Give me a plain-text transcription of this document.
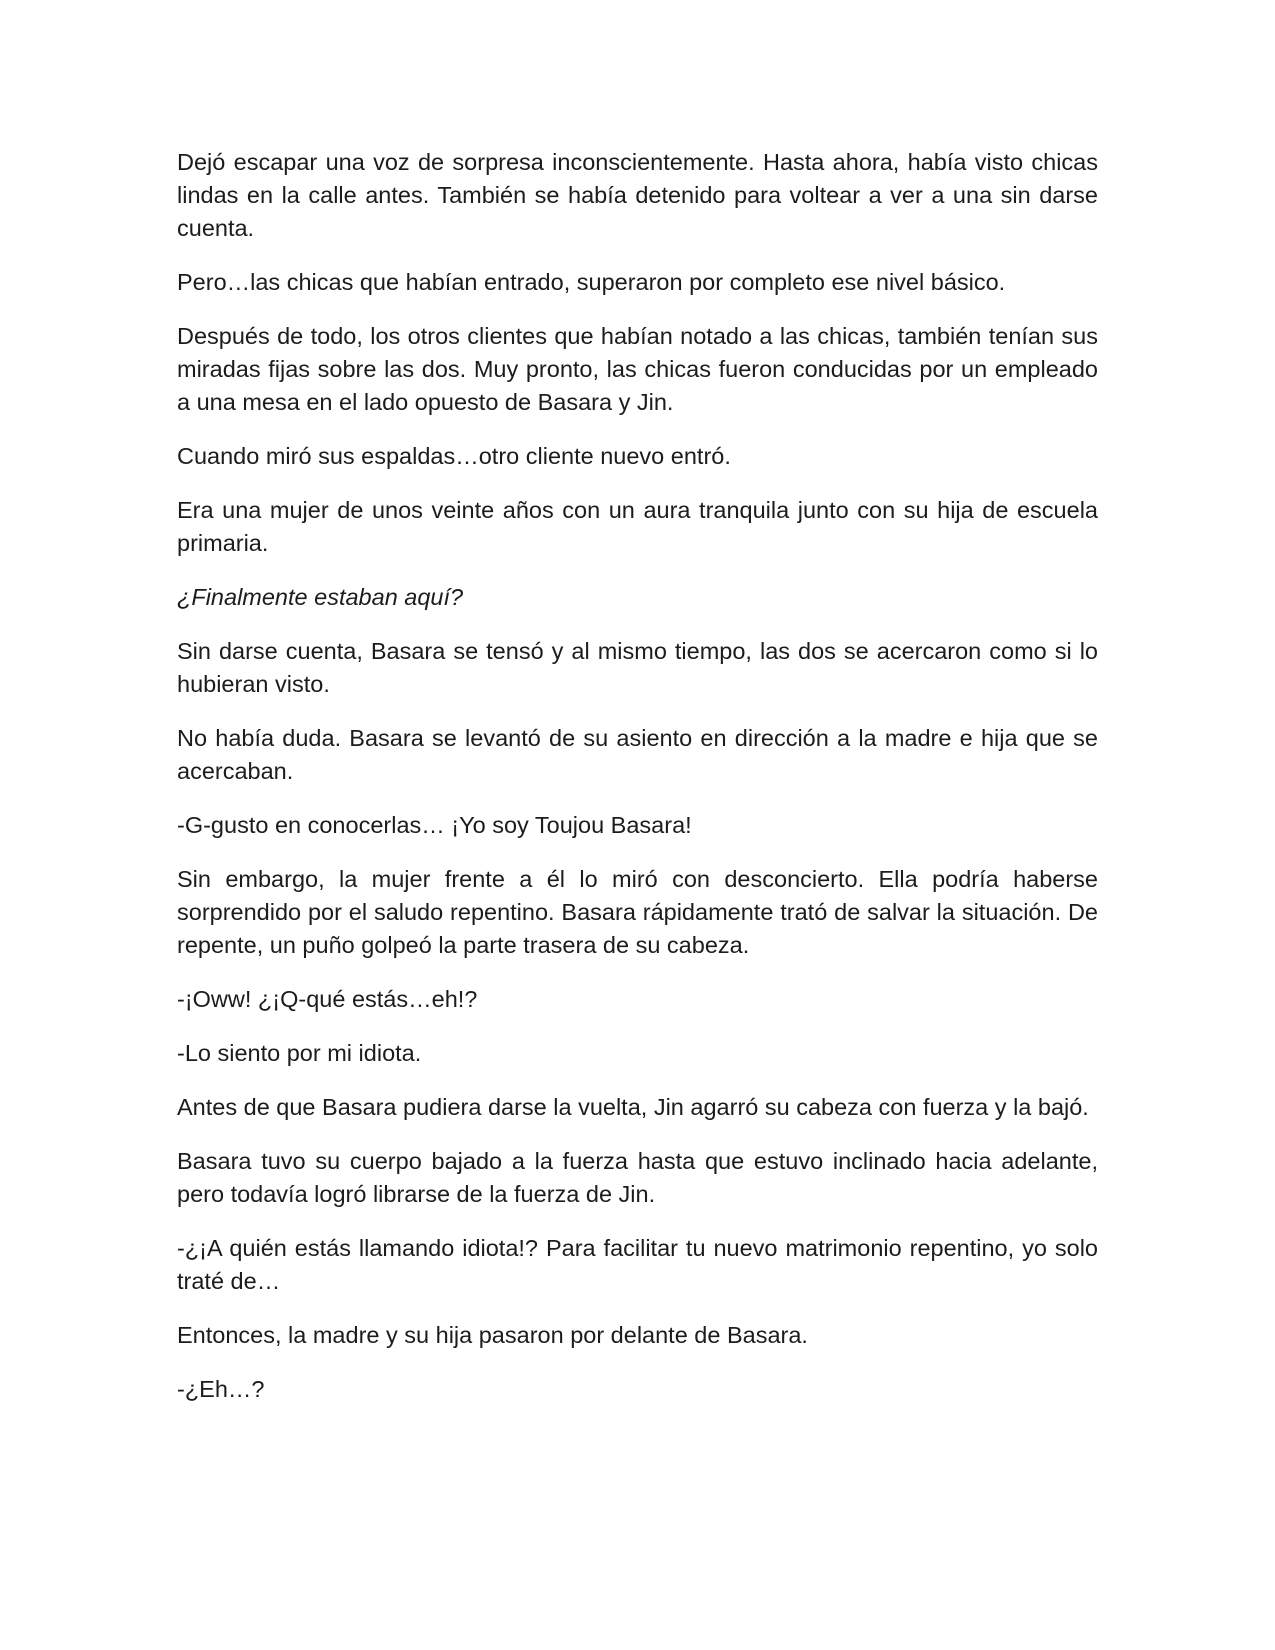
Dejó escapar una voz de sorpresa inconscientemente. Hasta ahora, había visto chicas lindas en la calle antes. También se había detenido para voltear a ver a una sin darse cuenta.

Pero…las chicas que habían entrado, superaron por completo ese nivel básico.

Después de todo, los otros clientes que habían notado a las chicas, también tenían sus miradas fijas sobre las dos. Muy pronto, las chicas fueron conducidas por un empleado a una mesa en el lado opuesto de Basara y Jin.

Cuando miró sus espaldas…otro cliente nuevo entró.

Era una mujer de unos veinte años con un aura tranquila junto con su hija de escuela primaria.

¿Finalmente estaban aquí?

Sin darse cuenta, Basara se tensó y al mismo tiempo, las dos se acercaron como si lo hubieran visto.

No había duda. Basara se levantó de su asiento en dirección a la madre e hija que se acercaban.

-G-gusto en conocerlas… ¡Yo soy Toujou Basara!

Sin embargo, la mujer frente a él lo miró con desconcierto. Ella podría haberse sorprendido por el saludo repentino. Basara rápidamente trató de salvar la situación. De repente, un puño golpeó la parte trasera de su cabeza.

-¡Oww! ¿¡Q-qué estás…eh!?

-Lo siento por mi idiota.

Antes de que Basara pudiera darse la vuelta, Jin agarró su cabeza con fuerza y la bajó.

Basara tuvo su cuerpo bajado a la fuerza hasta que estuvo inclinado hacia adelante, pero todavía logró librarse de la fuerza de Jin.

-¿¡A quién estás llamando idiota!? Para facilitar tu nuevo matrimonio repentino, yo solo traté de…

Entonces, la madre y su hija pasaron por delante de Basara.

-¿Eh…?
